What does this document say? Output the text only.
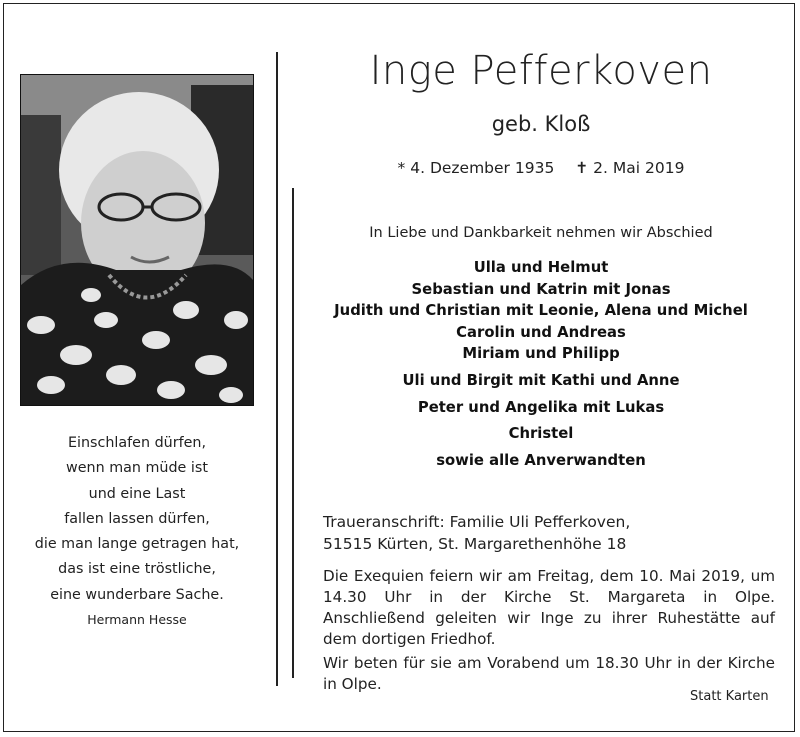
Inge Pefferkoven
geb. Kloß
* 4. Dezember 1935 ✝ 2. Mai 2019
In Liebe und Dankbarkeit nehmen wir Abschied
Ulla und Helmut
Sebastian und Katrin mit Jonas
Judith und Christian mit Leonie, Alena und Michel
Carolin und Andreas
Miriam und Philipp
Uli und Birgit mit Kathi und Anne
Peter und Angelika mit Lukas
Christel
sowie alle Anverwandten
Traueranschrift: Familie Uli Pefferkoven,
51515 Kürten, St. Margarethenhöhe 18

Die Exequien feiern wir am Freitag, dem 10. Mai 2019, um 14.30 Uhr in der Kirche St. Margareta in Olpe. Anschließend geleiten wir Inge zu ihrer Ruhestätte auf dem dortigen Friedhof.

Wir beten für sie am Vorabend um 18.30 Uhr in der Kirche in Olpe.

Einschlafen dürfen,
wenn man müde ist
und eine Last
fallen lassen dürfen,
die man lange getragen hat,
das ist eine tröstliche,
eine wunderbare Sache.
Hermann Hesse
Statt Karten
